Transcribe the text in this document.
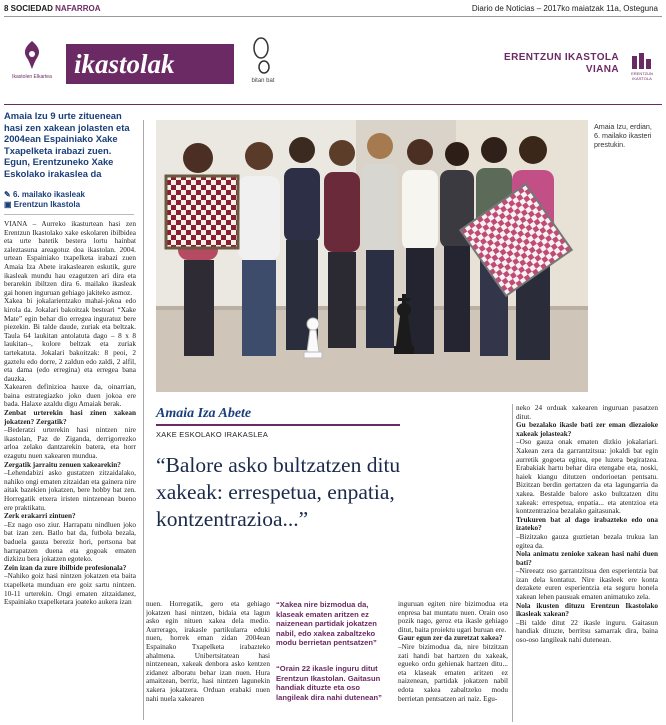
8 SOCIEDAD NAFARROA	Diario de Noticias – 2017ko maiatzak 11a, Osteguna
Ikastolen Elkartea ikastolak
bitan bat
ERENTZUN IKASTOLA
VIANA	ERENTZUN IKASTOLA
Amaia Izu 9 urte zituenean hasi zen xakean jolasten eta 2004ean Espainiako Xake Txapelketa irabazi zuen. Egun, Erentzuneko Xake Eskolako irakaslea da
✎ 6. mailako ikasleak
▣ Erentzun Ikastola

VIANA – Aurreko ikasturtean hasi zen Erentzun Ikastolako xake eskolaren ibilbidea eta urte batetik bestera lortu hainbat zaleztasuna areagotuz doa ikastolan. 2004. urtean Espainiako txapelketa irabazi zuen Amaia Iza Abete irakaslearen eskutik, gure ikasleak mundu hau ezagutzen ari dira eta berarekin ibiltzen dira 6. mailako ikasleak gai honen inguruan gehiago jakiteko asmoz.

Xakea bi jokalarientzako mahai-jokoa edo kirola da. Jokalari bakoitzak besteari “Xake Mate” egin behar dio erregea inguratuz bere piezekin. Bi talde daude, zuriak eta beltzak. Taula 64 laukitan antolatuta dago – 8 x 8 laukitan–, kolore beltzak eta zuriak tartekatuta. Jokalari bakoitzak: 8 peoi, 2 gaztelu edo dorre, 2 zaldun edo zaldi, 2 alfil, eta dama (edo erregina) eta erregea bana dauzka.

Xakearen definizioa hauxe da, oinarrian, baina estrategiazko joko duen jokoa ere bada. Halaxe azaldu digu Amaiak berak.

Zenbat urterekin hasi zinen xakean jokatzen? Zergatik?

–Bederatzi urterekin hasi nintzen nire ikastolan, Paz de Ziganda, derrigorrezko arloa zelako dantzarekin batera, eta horr ezagutu nuen xakearen mundua.

Zergatik jarraitu zenuen xakearekin?

–Lehendabizi asko gustatzen zitzaidalako, nahiko ongi ematen zitzaidan eta gainera nire aitak bazekien jokatzen, bere hobby bat zen. Horregatik etxera iristen nintzenean bueno ere praktikatu.

Zerk erakarri zintuen?

–Ez nago oso ziur. Harrapatu nindluen joko bat izan zen. Batlo bat da, futbola bezala, baduela gauza bereziz hori, pertsona bat harrapatzen duena eta gogoak ematen dizkizu bera jokatzen egoteko.

Zein izan da zure ibilbide profesionala?

–Nahiko goiz hasi nintzen jokatzen eta baita txapelketa munduan ere goiz sartu nintzen. 10-11 urterekin. Ongi ematen zitzaidanez, Espainiako txapelketara joateko aukera izan	nuen. Horregatik, gero eta gehiago jokatzen hasi nintzen, bidaia eta lagun asko egin nituen xakea dela medio. Aurrerago, irakasle partikularra eduki nuen, horrek eman zidan 2004ean Espainako Txapelketa irabazteko ahalmena. Unibertsitatean hasi nintzenean, xakeak denbora asko kentzen zidanez alboratu behar izan nuen. Hura amaitzean, berriz, hasi nintzen lagunekin xakera jokatzera. Orduan erabaki nuen nahi nuela xakearen

inguruan egiten nire bizimodua eta enpresa bat muntatu nuen. Orain oso pozik nago, geroz eta ikasle gehiago ditut, baita proiektu ugari buruan ere.

Gaur egun zer da zuretzat xakea?

–Nire bizimodua da, nire bitzitzan zati handi bat hartzen du xakeak, egueko ordu gehienak hartzen ditu... eta klaseak ematen aritzen ez naizenean, partidak jokatzen nabil edota xakea zabaltzeko modu berrietan pentsatzen ari naiz. Egu-

neko 24 orduak xakearen inguruan pasatzen ditut.

Gu bezalako ikasle bati zer eman diezaioke xakeak jolasteak?

–Oso gauza onak ematen dizkio jokalariari. Xakean zera da garrantzitsua: jokaldi bat egin aurretik gogoeta egitea, epe luzera begiratzea. Erabakiak hartu behar dira etengabe eta, noski, haiek kiangu ditutzen ondorioetan pentsatu. Bizitzan berdin gertatzen da eta lagungarria da xakea. Bestalde balore asko bultzatzen ditu xakeak: errespetua, enpatia... eta atentzioa eta kontzentrazioa bezalako gaitasunak.

Trukuren bat al dago irabazteko edo ona izateko?

–Bizitzako gauza guztietan bezala trukua lan egitea da.

Nola animatu zenioke xakean hasi nahi duen bati?

–Nireeatz oso garrantzitsua den esperientzia bat izan dela kontatuz. Nire ikasleek ere konta dezakete euren esperientzia eta seguru honela xakean lehen pausuak ematen animatuko zela.

Nola ikusten dituzu Erentzun Ikastolako ikasleak xakean?

–Bi talde ditut 22 ikasle inguru. Gaitasun handiak dituzte, berritsu samarrak dira, baina oso-oso langileak nahi dutenean.

“Xakea nire bizmodua da, klaseak ematen aritzen ez naizenean partidak jokatzen nabil, edo xakea zabaltzeko modu berrietan pentsatzen”
“Orain 22 ikasle inguru ditut Erentzun Ikastolan. Gaitasun handiak dituzte eta oso langileak dira nahi dutenean”
Amaia Izu, erdian, 6. mailako ikasteri prestukin.
Amaia Iza Abete
XAKE ESKOLAKO IRAKASLEA
“Balore asko bultzatzen ditu xakeak: errespetua, enpatia, kontzentrazioa...”
